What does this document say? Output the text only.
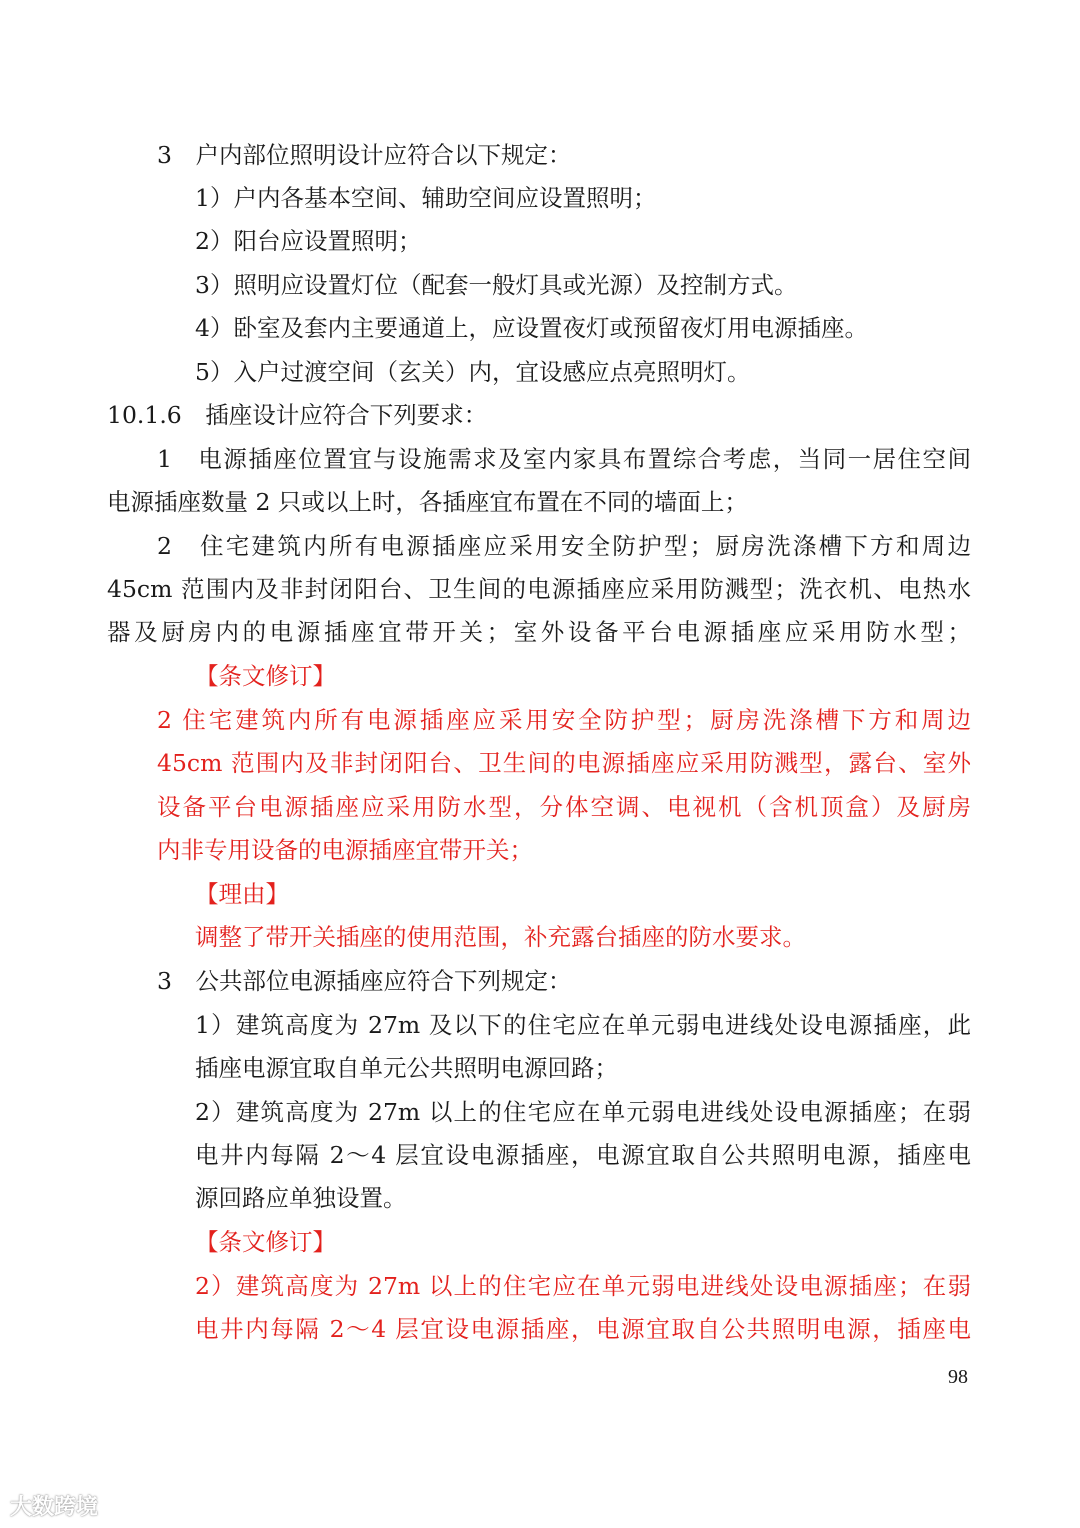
3　户内部位照明设计应符合以下规定：
1）户内各基本空间、辅助空间应设置照明；
2）阳台应设置照明；
3）照明应设置灯位（配套一般灯具或光源）及控制方式。
4）卧室及套内主要通道上，应设置夜灯或预留夜灯用电源插座。
5）入户过渡空间（玄关）内，宜设感应点亮照明灯。
10.1.6　插座设计应符合下列要求：
1　电源插座位置宜与设施需求及室内家具布置综合考虑，当同一居住空间
电源插座数量 2 只或以上时，各插座宜布置在不同的墙面上；
2　住宅建筑内所有电源插座应采用安全防护型；厨房洗涤槽下方和周边
45cm 范围内及非封闭阳台、卫生间的电源插座应采用防溅型；洗衣机、电热水
器及厨房内的电源插座宜带开关；室外设备平台电源插座应采用防水型；
【条文修订】
2 住宅建筑内所有电源插座应采用安全防护型；厨房洗涤槽下方和周边
45cm 范围内及非封闭阳台、卫生间的电源插座应采用防溅型，露台、室外
设备平台电源插座应采用防水型，分体空调、电视机（含机顶盒）及厨房
内非专用设备的电源插座宜带开关；
【理由】
调整了带开关插座的使用范围，补充露台插座的防水要求。
3　公共部位电源插座应符合下列规定：
1）建筑高度为 27m 及以下的住宅应在单元弱电进线处设电源插座，此
插座电源宜取自单元公共照明电源回路；
2）建筑高度为 27m 以上的住宅应在单元弱电进线处设电源插座；在弱
电井内每隔 2～4 层宜设电源插座，电源宜取自公共照明电源，插座电
源回路应单独设置。
【条文修订】
2）建筑高度为 27m 以上的住宅应在单元弱电进线处设电源插座；在弱
电井内每隔 2～4 层宜设电源插座，电源宜取自公共照明电源，插座电
98
大数跨境
